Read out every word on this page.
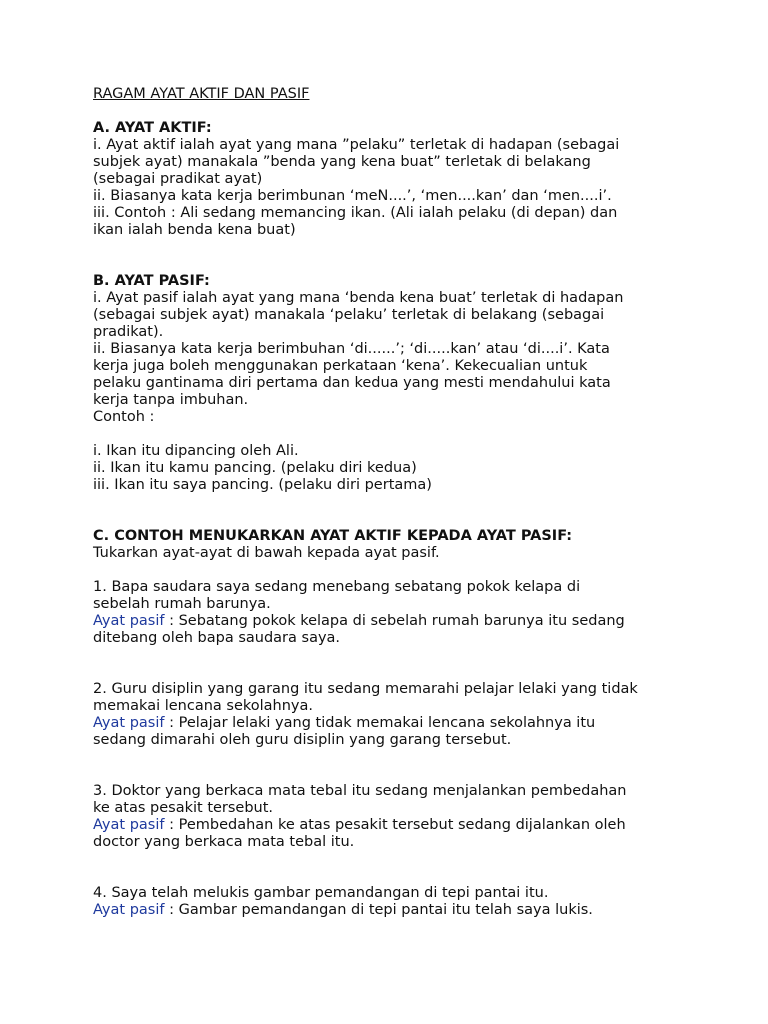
RAGAM AYAT AKTIF DAN PASIF
A. AYAT AKTIF:
i. Ayat aktif ialah ayat yang mana ”pelaku” terletak di hadapan (sebagai
subjek ayat) manakala ”benda yang kena buat” terletak di belakang
(sebagai pradikat ayat)
ii. Biasanya kata kerja berimbunan ‘meN....’, ‘men....kan’ dan ‘men....i’.
iii. Contoh : Ali sedang memancing ikan. (Ali ialah pelaku (di depan) dan
ikan ialah benda kena buat)
B. AYAT PASIF:
i. Ayat pasif ialah ayat yang mana ‘benda kena buat’ terletak di hadapan
(sebagai subjek ayat) manakala ‘pelaku’ terletak di belakang (sebagai
pradikat).
ii. Biasanya kata kerja berimbuhan ‘di......’; ‘di.....kan’ atau ‘di....i’. Kata
kerja juga boleh menggunakan perkataan ‘kena’. Kekecualian untuk
pelaku gantinama diri pertama dan kedua yang mesti mendahului kata
kerja tanpa imbuhan.
Contoh :
i. Ikan itu dipancing oleh Ali.
ii. Ikan itu kamu pancing. (pelaku diri kedua)
iii. Ikan itu saya pancing. (pelaku diri pertama)
C. CONTOH MENUKARKAN AYAT AKTIF KEPADA AYAT PASIF:
Tukarkan ayat-ayat di bawah kepada ayat pasif.
1. Bapa saudara saya sedang menebang sebatang pokok kelapa di
sebelah rumah barunya.
Ayat pasif : Sebatang pokok kelapa di sebelah rumah barunya itu sedang
ditebang oleh bapa saudara saya.
2. Guru disiplin yang garang itu sedang memarahi pelajar lelaki yang tidak
memakai lencana sekolahnya.
Ayat pasif : Pelajar lelaki yang tidak memakai lencana sekolahnya itu
sedang dimarahi oleh guru disiplin yang garang tersebut.
3. Doktor yang berkaca mata tebal itu sedang menjalankan pembedahan
ke atas pesakit tersebut.
Ayat pasif : Pembedahan ke atas pesakit tersebut sedang dijalankan oleh
doctor yang berkaca mata tebal itu.
4. Saya telah melukis gambar pemandangan di tepi pantai itu.
Ayat pasif : Gambar pemandangan di tepi pantai itu telah saya lukis.
